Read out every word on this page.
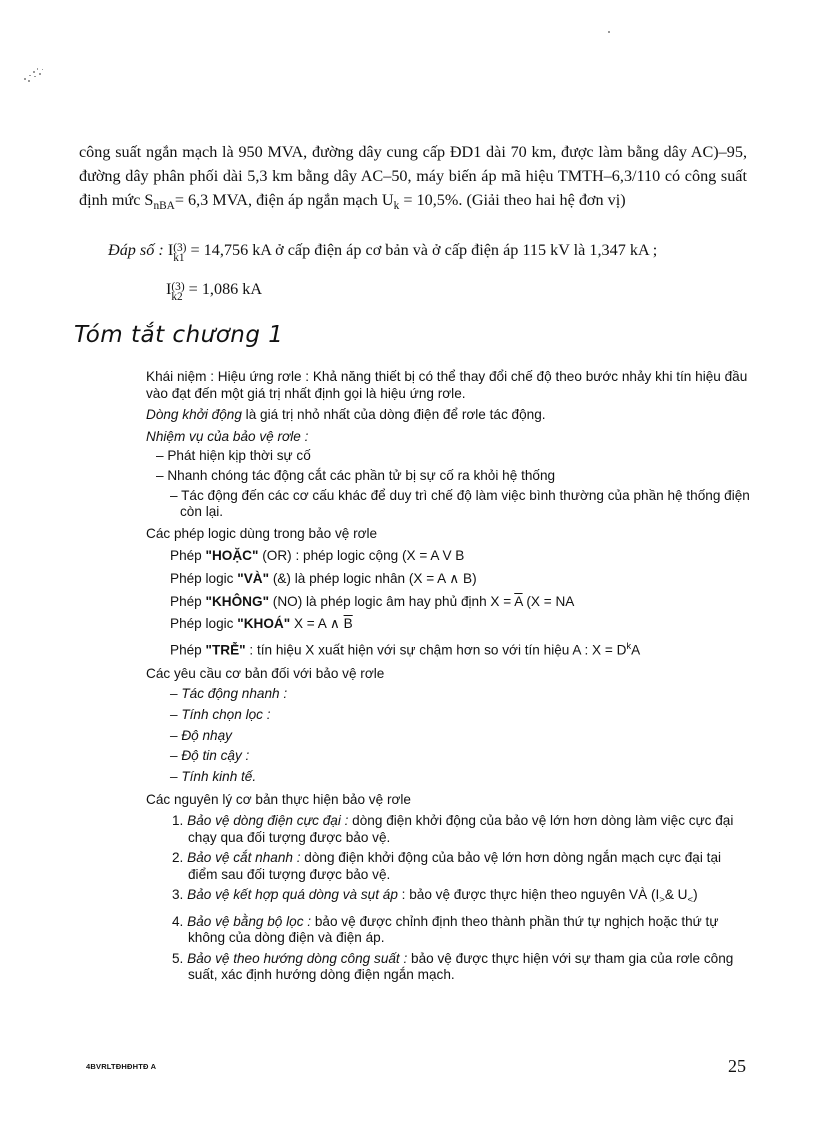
công suất ngắn mạch là 950 MVA, đường dây cung cấp ĐD1 dài 70 km, được làm bằng dây AC)–95, đường dây phân phối dài 5,3 km bằng dây AC–50, máy biến áp mã hiệu TMTH–6,3/110 có công suất định mức $S_{nBA}= 6,3$ MVA, điện áp ngắn mạch $U_k = 10,5\%$. (Giải theo hai hệ đơn vị)
Đáp số : I(3)
k1 = 14,756 kA ở cấp điện áp cơ bản và ở cấp điện áp 115 kV là 1,347 kA ;
I(3)
k2 = 1,086 kA
Tóm tắt chương 1

Khái niệm : Hiệu ứng rơle : Khả năng thiết bị có thể thay đổi chế độ theo bước nhảy khi tín hiệu đầu vào đạt đến một giá trị nhất định gọi là hiệu ứng rơle.

Dòng khởi động là giá trị nhỏ nhất của dòng điện để rơle tác động.

Nhiệm vụ của bảo vệ rơle :

– Phát hiện kịp thời sự cố

– Nhanh chóng tác động cắt các phần tử bị sự cố ra khỏi hệ thống

– Tác động đến các cơ cấu khác để duy trì chế độ làm việc bình thường của phần hệ thống điện còn lại.

Các phép logic dùng trong bảo vệ rơle

Phép "HOẶC" (OR) : phép logic cộng (X = A V B

Phép logic "VÀ" (&) là phép logic nhân (X = A ∧ B)

Phép "KHÔNG" (NO) là phép logic âm hay phủ định $X = \overline{A}$ (X = NA

Phép logic "KHOÁ" X = A ∧ $\overline{B}$

Phép "TRỄ" : tín hiệu X xuất hiện với sự chậm hơn so với tín hiệu A : $X = D^kA$

Các yêu cầu cơ bản đối với bảo vệ rơle

– Tác động nhanh :

– Tính chọn lọc :

– Độ nhạy

– Độ tin cậy :

– Tính kinh tế.

Các nguyên lý cơ bản thực hiện bảo vệ rơle

1. Bảo vệ dòng điện cực đại : dòng điện khởi động của bảo vệ lớn hơn dòng làm việc cực đại chạy qua đối tượng được bảo vệ.

2. Bảo vệ cắt nhanh : dòng điện khởi động của bảo vệ lớn hơn dòng ngắn mạch cực đại tại điểm sau đối tượng được bảo vệ.

3. Bảo vệ kết hợp quá dòng và sụt áp : bảo vệ được thực hiện theo nguyên VÀ ($I_>\&$ $U_<$)

4. Bảo vệ bằng bộ lọc : bảo vệ được chỉnh định theo thành phần thứ tự nghịch hoặc thứ tự không của dòng điện và điện áp.

5. Bảo vệ theo hướng dòng công suất : bảo vệ được thực hiện với sự tham gia của rơle công suất, xác định hướng dòng điện ngắn mạch.

4BVRLTĐHĐHTĐ A	25
